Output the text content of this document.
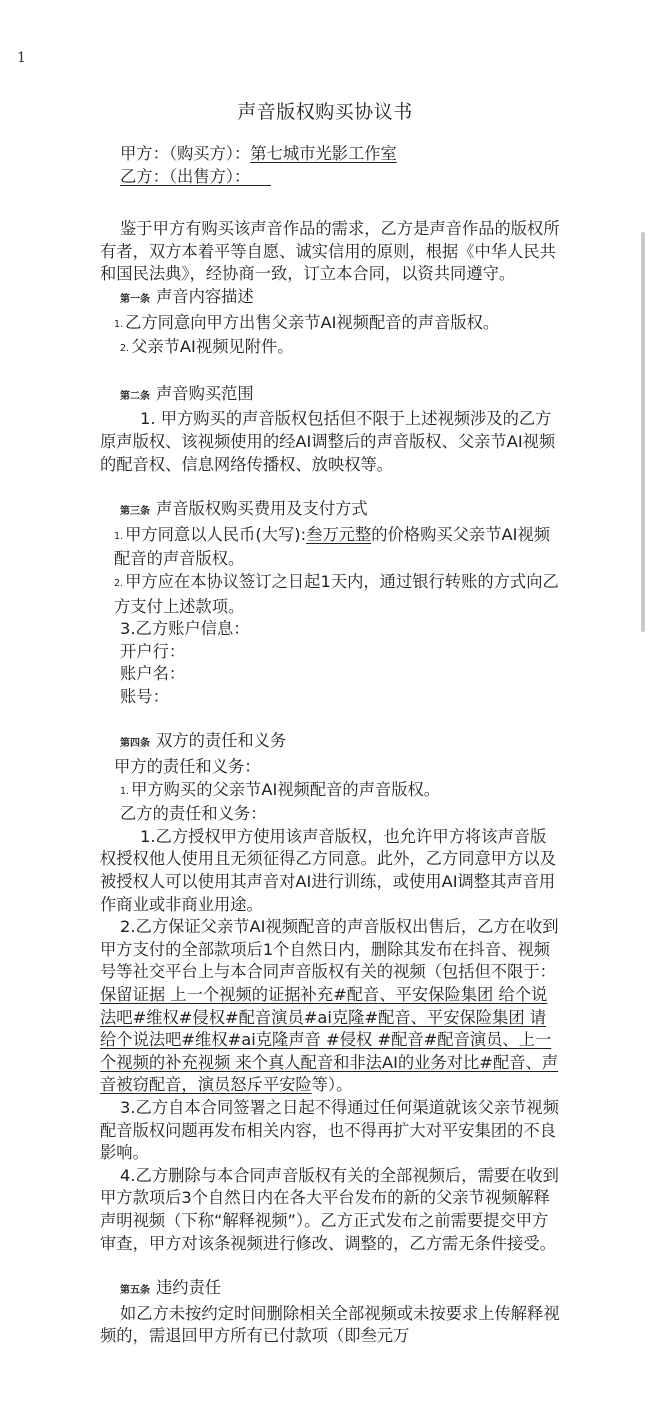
1
声音版权购买协议书

甲方：（购买方）：第七城市光影工作室

乙方：（出售方）：

鉴于甲方有购买该声音作品的需求，乙方是声音作品的版权所有者，双方本着平等自愿、诚实信用的原则，根据《中华人民共和国民法典》，经协商一致，订立本合同，以资共同遵守。

第一条 声音内容描述

1. 乙方同意向甲方出售父亲节AI视频配音的声音版权。

2. 父亲节AI视频见附件。

第二条 声音购买范围

1. 甲方购买的声音版权包括但不限于上述视频涉及的乙方原声版权、该视频使用的经AI调整后的声音版权、父亲节AI视频的配音权、信息网络传播权、放映权等。

第三条 声音版权购买费用及支付方式

1. 甲方同意以人民币(大写):叁万元整的价格购买父亲节AI视频配音的声音版权。

2. 甲方应在本协议签订之日起1天内，通过银行转账的方式向乙方支付上述款项。

3.乙方账户信息：

开户行：

账户名：

账号：

第四条 双方的责任和义务

甲方的责任和义务：

1. 甲方购买的父亲节AI视频配音的声音版权。

乙方的责任和义务：

1.乙方授权甲方使用该声音版权，也允许甲方将该声音版权授权他人使用且无须征得乙方同意。此外，乙方同意甲方以及被授权人可以使用其声音对AI进行训练，或使用AI调整其声音用作商业或非商业用途。

2.乙方保证父亲节AI视频配音的声音版权出售后，乙方在收到甲方支付的全部款项后1个自然日内，删除其发布在抖音、视频号等社交平台上与本合同声音版权有关的视频（包括但不限于：保留证据 上一个视频的证据补充#配音、平安保险集团 给个说法吧#维权#侵权#配音演员#ai克隆#配音、平安保险集团 请给个说法吧#维权#ai克隆声音 #侵权 #配音#配音演员、上一个视频的补充视频 来个真人配音和非法AI的业务对比#配音、声音被窃配音，演员怒斥平安险等）。

3.乙方自本合同签署之日起不得通过任何渠道就该父亲节视频配音版权问题再发布相关内容，也不得再扩大对平安集团的不良影响。

4.乙方删除与本合同声音版权有关的全部视频后，需要在收到甲方款项后3个自然日内在各大平台发布的新的父亲节视频解释声明视频（下称“解释视频”）。乙方正式发布之前需要提交甲方审查，甲方对该条视频进行修改、调整的，乙方需无条件接受。

第五条 违约责任

如乙方未按约定时间删除相关全部视频或未按要求上传解释视频的，需退回甲方所有已付款项（即叁元万
